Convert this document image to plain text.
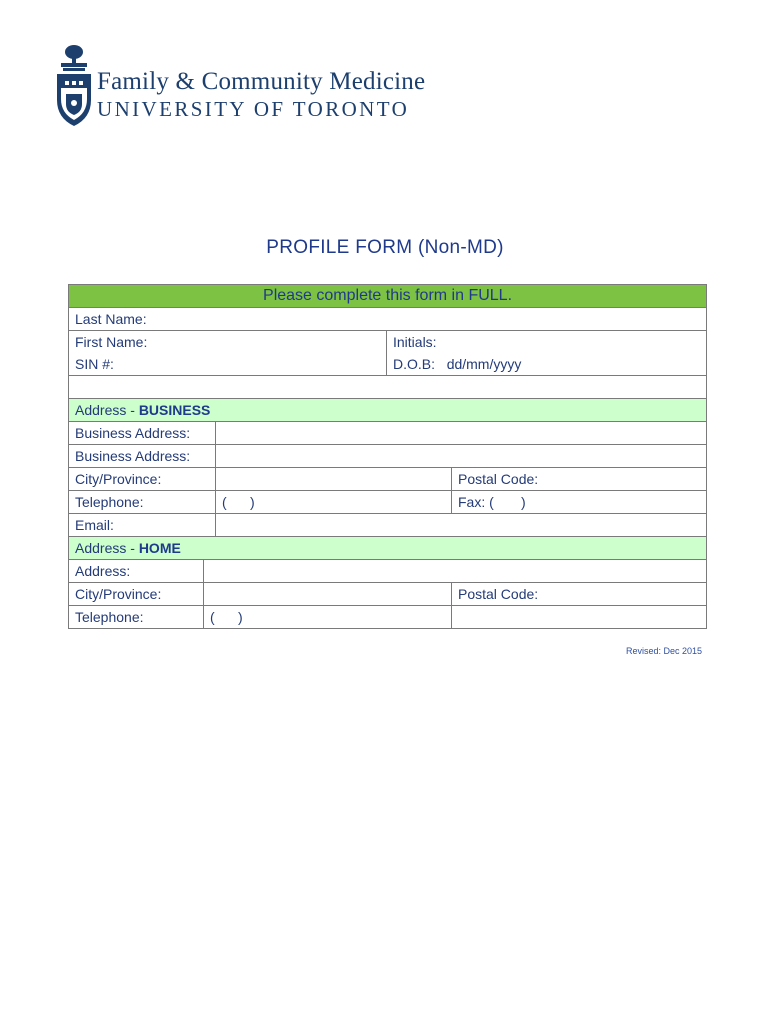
Family & Community Medicine
UNIVERSITY OF TORONTO
PROFILE FORM (Non-MD)
Please complete this form in FULL.				
Last Name:				
First Name:			Initials:	
SIN #:			D.O.B: dd/mm/yyyy	

Address - BUSINESS				
Business Address:				
Business Address:				
City/Province:				Postal Code:
Telephone:		(      )		Fax: (       )
Email:				
Address - HOME				
Address:				
City/Province:				Postal Code:
Telephone:	(      )			
Revised: Dec 2015
